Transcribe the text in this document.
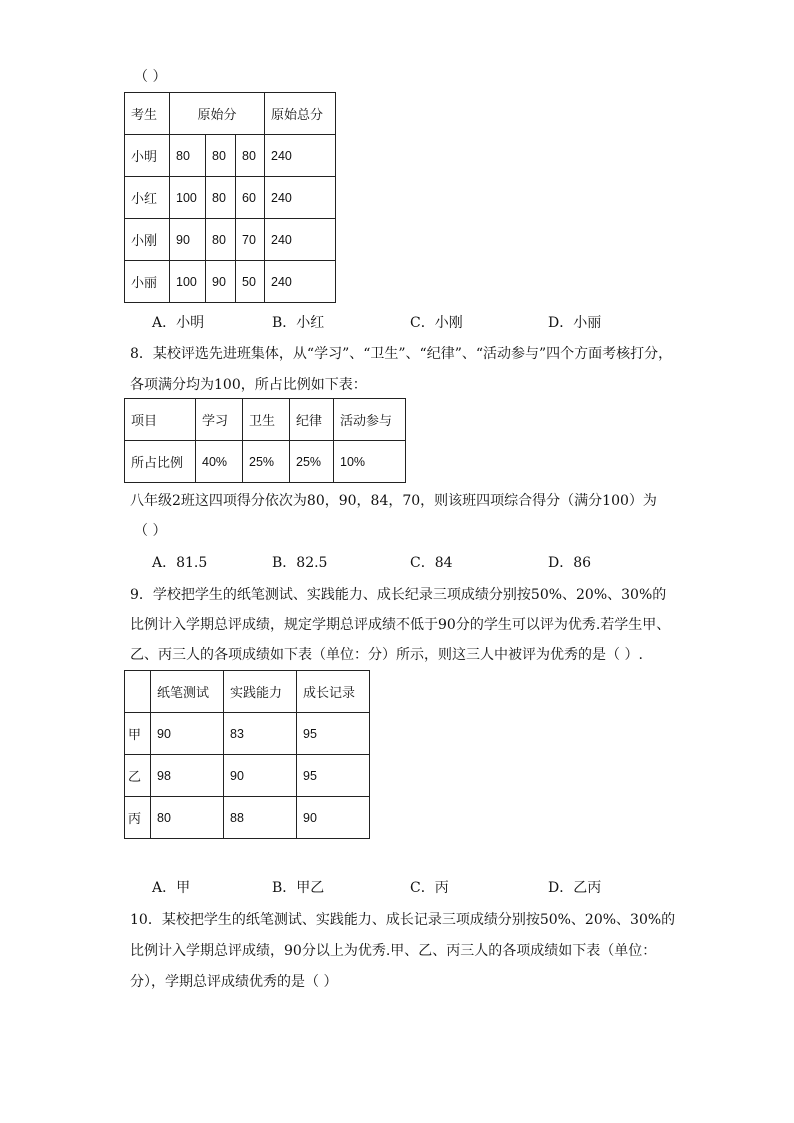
（ ）
考生	原始分			原始总分
小明	80	80	80	240
小红	100	80	60	240
小刚	90	80	70	240
小丽	100	90	50	240
A．小明	B．小红	C．小刚	D．小丽
8．某校评选先进班集体，从“学习”、“卫生”、“纪律”、“活动参与”四个方面考核打分，
各项满分均为100，所占比例如下表：
项目	学习	卫生	纪律	活动参与
所占比例	40%	25%	25%	10%
八年级2班这四项得分依次为80，90，84，70，则该班四项综合得分（满分100）为
（ ）
A．81.5	B．82.5	C．84	D．86
9．学校把学生的纸笔测试、实践能力、成长纪录三项成绩分别按50%、20%、30%的
比例计入学期总评成绩，规定学期总评成绩不低于90分的学生可以评为优秀.若学生甲、
乙、丙三人的各项成绩如下表（单位：分）所示，则这三人中被评为优秀的是（ ）.
	纸笔测试	实践能力	成长记录
甲	90	83	95
乙	98	90	95
丙	80	88	90
A．甲	B．甲乙	C．丙	D．乙丙
10．某校把学生的纸笔测试、实践能力、成长记录三项成绩分别按50%、20%、30%的
比例计入学期总评成绩，90分以上为优秀.甲、乙、丙三人的各项成绩如下表（单位：
分），学期总评成绩优秀的是（ ）
